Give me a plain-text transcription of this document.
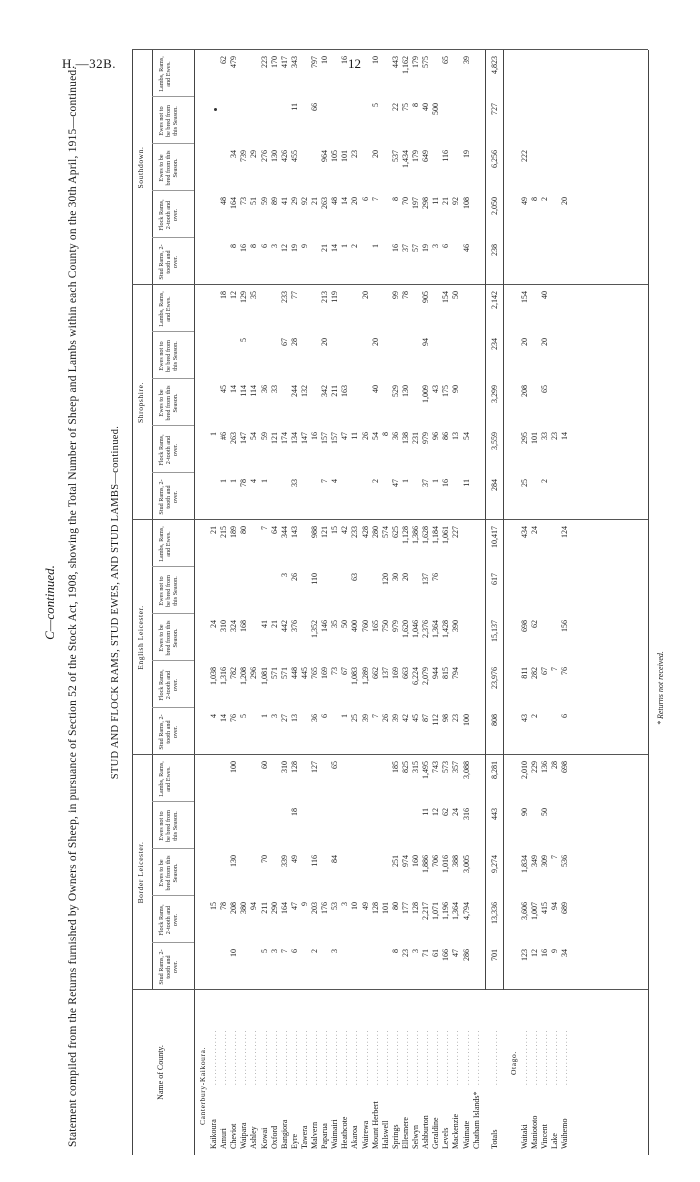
H.—32B.	12
C—continued. Statement compiled from the Returns furnished by Owners of Sheep, in pursuance of Section 52 of the Stock Act, 1908, showing the Total Number of Sheep and Lambs within each County on the 30th April, 1915—continued.	STUD AND FLOCK RAMS, STUD EWES, AND STUD LAMBS—continued.
Name of County.
Border Leicester.
Stud Rams, 2-tooth and over.
Flock Rams, 2-tooth and over.
Ewes to be bred from this Season.
Ewes not to be bred from this Season.
Lambs, Rams, and Ewes.
English Leicester.
Stud Rams, 2-tooth and over.
Flock Rams, 2-tooth and over.
Ewes to be bred from this Season.
Ewes not to be bred from this Season.
Lambs, Rams, and Ewes.
Shropshire.
Stud Rams, 2-tooth and over.
Flock Rams, 2-tooth and over.
Ewes to be bred from this Season.
Ewes not to be bred from this Season.
Lambs, Rams, and Ewes.
Southdown.
Stud Rams, 2-tooth and over.
Flock Rams, 2-tooth and over.
Ewes to be bred from this Season.
Ewes not to be bred from this Season.
Lambs, Rams, and Ewes.
Canterbury-Kaikoura.
Kaikoura
. . . . . . . . . . . . . . . .
15
4
1,038
24
21
1
Amuri
. . . . . . . . . . . . . . . .
78
14
1,316
310
215
1
#6
45
18
48
62
Cheviot
. . . . . . . . . . . . . . . .
10
208
130
100
76
782
324
189
1
263
14
12
8
164
34
479
Waipara
. . . . . . . . . . . . . . . .
380
5
1,208
168
80
78
147
114
5
129
16
73
739
Ashley
. . . . . . . . . . . . . . . .
94
296
4
54
114
35
8
51
29
Kowai
. . . . . . . . . . . . . . . .
5
211
70
60
1
1,081
41
7
1
59
36
6
59
276
223
Oxford
. . . . . . . . . . . . . . . .
3
290
3
571
21
64
121
33
3
89
130
170
Bangiora
. . . . . . . . . . . . . . . .
7
164
339
310
27
571
442
3
344
174
67
233
12
41
426
417
Eyre
. . . . . . . . . . . . . . . .
6
47
49
18
128
13
448
376
26
143
33
134
244
28
77
19
29
455
11
343
Tawera
. . . . . . . . . . . . . . . .
9
445
147
132
9
92
Malvern
. . . . . . . . . . . . . . . .
2
203
116
127
36
765
1,352
110
988
16
21
66
797
Paparua
. . . . . . . . . . . . . . . .
176
6
169
146
121
7
157
342
20
213
21
263
964
10
Waimairi
. . . . . . . . . . . . . . . .
3
53
84
65
73
35
15
4
157
211
119
14
48
105
Heathcote
. . . . . . . . . . . . . . . .
3
1
67
50
42
47
163
1
14
101
16
Akaroa
. . . . . . . . . . . . . . . .
10
25
1,083
400
63
233
11
2
20
23
Wairewa
. . . . . . . . . . . . . . . .
49
39
1,289
760
428
26
20
6
Mount Herbert
. . . . . . . . . . . . . . . .
128
7
662
165
280
2
54
40
20
1
7
20
5
10
Halswell
. . . . . . . . . . . . . . . .
101
26
137
750
120
574
8
Springs
. . . . . . . . . . . . . . . .
8
80
251
185
39
169
979
30
625
47
36
529
99
16
8
537
22
443
Ellesmere
. . . . . . . . . . . . . . . .
23
177
974
825
42
663
1,620
20
1,128
1
138
130
78
37
70
1,434
75
1,162
Selwyn
. . . . . . . . . . . . . . . .
3
128
160
315
45
6,224
1,046
1,386
231
57
197
179
8
179
Ashburton
. . . . . . . . . . . . . . . .
71
2,217
1,886
11
1,495
87
2,079
2,376
137
1,628
37
979
1,009
94
905
19
298
649
40
575
Geraldine
. . . . . . . . . . . . . . . .
61
1,071
706
12
743
112
944
1,364
76
1,184
1
96
43
3
11
500
Levels
. . . . . . . . . . . . . . . .
166
1,196
1,016
62
573
98
815
1,428
1,061
16
86
175
154
6
21
116
65
Mackenzie
. . . . . . . . . . . . . . . .
47
1,364
388
24
357
23
794
390
227
13
90
50
92
Waimate
. . . . . . . . . . . . . . . .
286
4,794
3,005
316
3,088
100
11
54
46
108
19
39
Chatham Islands*
. . . . . . . . . . . . . . . .
Totals
. . . . . . . . . . . . . . . .
701
13,336
9,274
443
8,281
808
23,976
15,137
617
10,417
284
3,559
3,299
234
2,142
238
2,050
6,256
727
4,823
Otago.
Waitaki
. . . . . . . . . . . . . . . .
123
3,606
1,834
90
2,010
43
811
698
434
25
295
208
20
154
49
222
Maniototo
. . . . . . . . . . . . . . . .
12
1,007
349
229
2
282
62
24
101
8
Vincent
. . . . . . . . . . . . . . . .
16
415
309
50
136
67
2
33
65
20
40
2
Lake
. . . . . . . . . . . . . . . .
9
94
7
28
7
23
Waihemo
. . . . . . . . . . . . . . . .
34
689
536
698
6
76
156
124
14
20
* Returns not received.
